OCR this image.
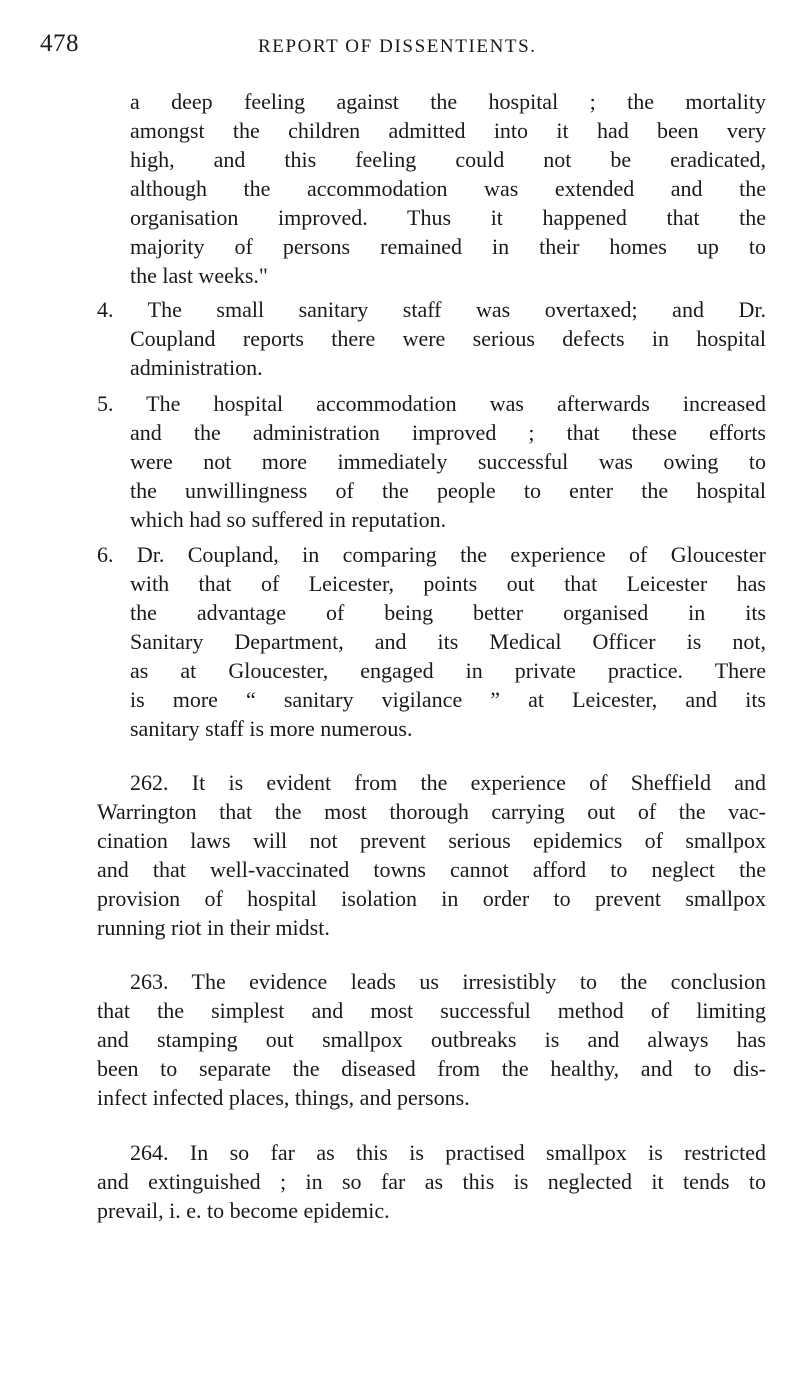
478	REPORT OF DISSENTIENTS.
a deep feeling against the hospital ; the mortality
amongst the children admitted into it had been very
high, and this feeling could not be eradicated,
although the accommodation was extended and the
organisation improved. Thus it happened that the
majority of persons remained in their homes up to
the last weeks."
4. The small sanitary staff was overtaxed; and Dr.
Coupland reports there were serious defects in hospital
administration.
5. The hospital accommodation was afterwards increased
and the administration improved ; that these efforts
were not more immediately successful was owing to
the unwillingness of the people to enter the hospital
which had so suffered in reputation.
6. Dr. Coupland, in comparing the experience of Gloucester
with that of Leicester, points out that Leicester has
the advantage of being better organised in its
Sanitary Department, and its Medical Officer is not,
as at Gloucester, engaged in private practice. There
is more “ sanitary vigilance ” at Leicester, and its
sanitary staff is more numerous.
262. It is evident from the experience of Sheffield and
Warrington that the most thorough carrying out of the vac-
cination laws will not prevent serious epidemics of smallpox
and that well-vaccinated towns cannot afford to neglect the
provision of hospital isolation in order to prevent smallpox
running riot in their midst.
263. The evidence leads us irresistibly to the conclusion
that the simplest and most successful method of limiting
and stamping out smallpox outbreaks is and always has
been to separate the diseased from the healthy, and to dis-
infect infected places, things, and persons.
264. In so far as this is practised smallpox is restricted
and extinguished ; in so far as this is neglected it tends to
prevail, i. e. to become epidemic.
